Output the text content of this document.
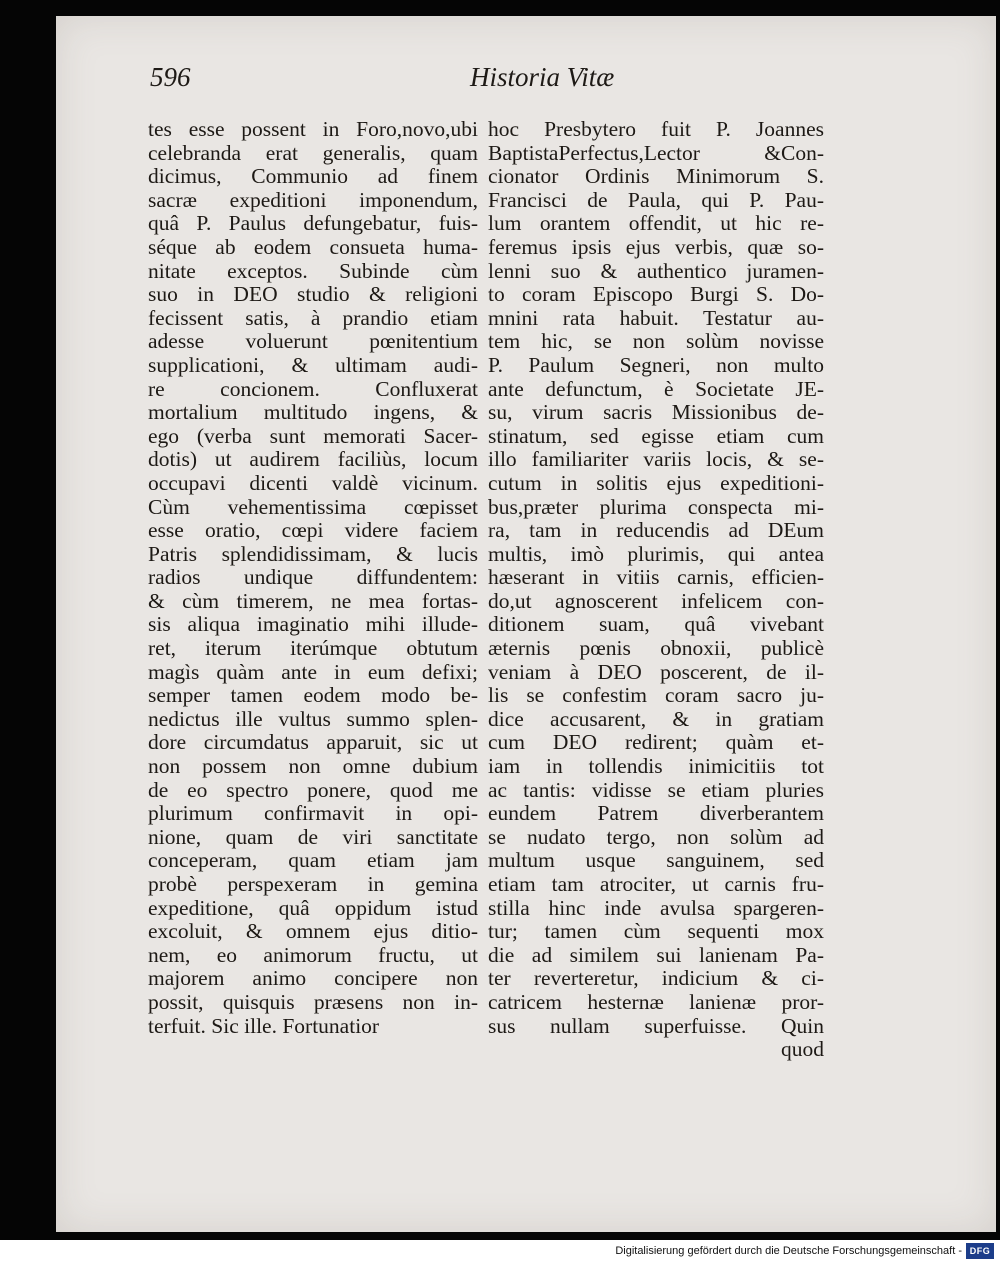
596	Historia Vitæ
tes esse possent in Foro,novo,ubi
celebranda erat generalis, quam
dicimus, Communio ad finem
sacræ expeditioni imponendum,
quâ P. Paulus defungebatur, fuis-
séque ab eodem consueta huma-
nitate exceptos. Subinde cùm
suo in DEO studio & religioni
fecissent satis, à prandio etiam
adesse voluerunt pœnitentium
supplicationi, & ultimam audi-
re concionem. Confluxerat
mortalium multitudo ingens, &
ego (verba sunt memorati Sacer-
dotis) ut audirem faciliùs, locum
occupavi dicenti valdè vicinum.
Cùm vehementissima cœpisset
esse oratio, cœpi videre faciem
Patris splendidissimam, & lucis
radios undique diffundentem:
& cùm timerem, ne mea fortas-
sis aliqua imaginatio mihi illude-
ret, iterum iterúmque obtutum
magìs quàm ante in eum defixi;
semper tamen eodem modo be-
nedictus ille vultus summo splen-
dore circumdatus apparuit, sic ut
non possem non omne dubium
de eo spectro ponere, quod me
plurimum confirmavit in opi-
nione, quam de viri sanctitate
conceperam, quam etiam jam
probè perspexeram in gemina
expeditione, quâ oppidum istud
excoluit, & omnem ejus ditio-
nem, eo animorum fructu, ut
majorem animo concipere non
possit, quisquis præsens non in-
terfuit. Sic ille. Fortunatior
hoc Presbytero fuit P. Joannes
BaptistaPerfectus,Lector &Con-
cionator Ordinis Minimorum S.
Francisci de Paula, qui P. Pau-
lum orantem offendit, ut hic re-
feremus ipsis ejus verbis, quæ so-
lenni suo & authentico juramen-
to coram Episcopo Burgi S. Do-
mnini rata habuit. Testatur au-
tem hic, se non solùm novisse
P. Paulum Segneri, non multo
ante defunctum, è Societate JE-
su, virum sacris Missionibus de-
stinatum, sed egisse etiam cum
illo familiariter variis locis, & se-
cutum in solitis ejus expeditioni-
bus,præter plurima conspecta mi-
ra, tam in reducendis ad DEum
multis, imò plurimis, qui antea
hæserant in vitiis carnis, efficien-
do,ut agnoscerent infelicem con-
ditionem suam, quâ vivebant
æternis pœnis obnoxii, publicè
veniam à DEO poscerent, de il-
lis se confestim coram sacro ju-
dice accusarent, & in gratiam
cum DEO redirent; quàm et-
iam in tollendis inimicitiis tot
ac tantis: vidisse se etiam pluries
eundem Patrem diverberantem
se nudato tergo, non solùm ad
multum usque sanguinem, sed
etiam tam atrociter, ut carnis fru-
stilla hinc inde avulsa spargeren-
tur; tamen cùm sequenti mox
die ad similem sui lanienam Pa-
ter reverteretur, indicium & ci-
catricem hesternæ lanienæ pror-
sus nullam superfuisse. Quin
quod
Digitalisierung gefördert durch die Deutsche Forschungsgemeinschaft - DFG
